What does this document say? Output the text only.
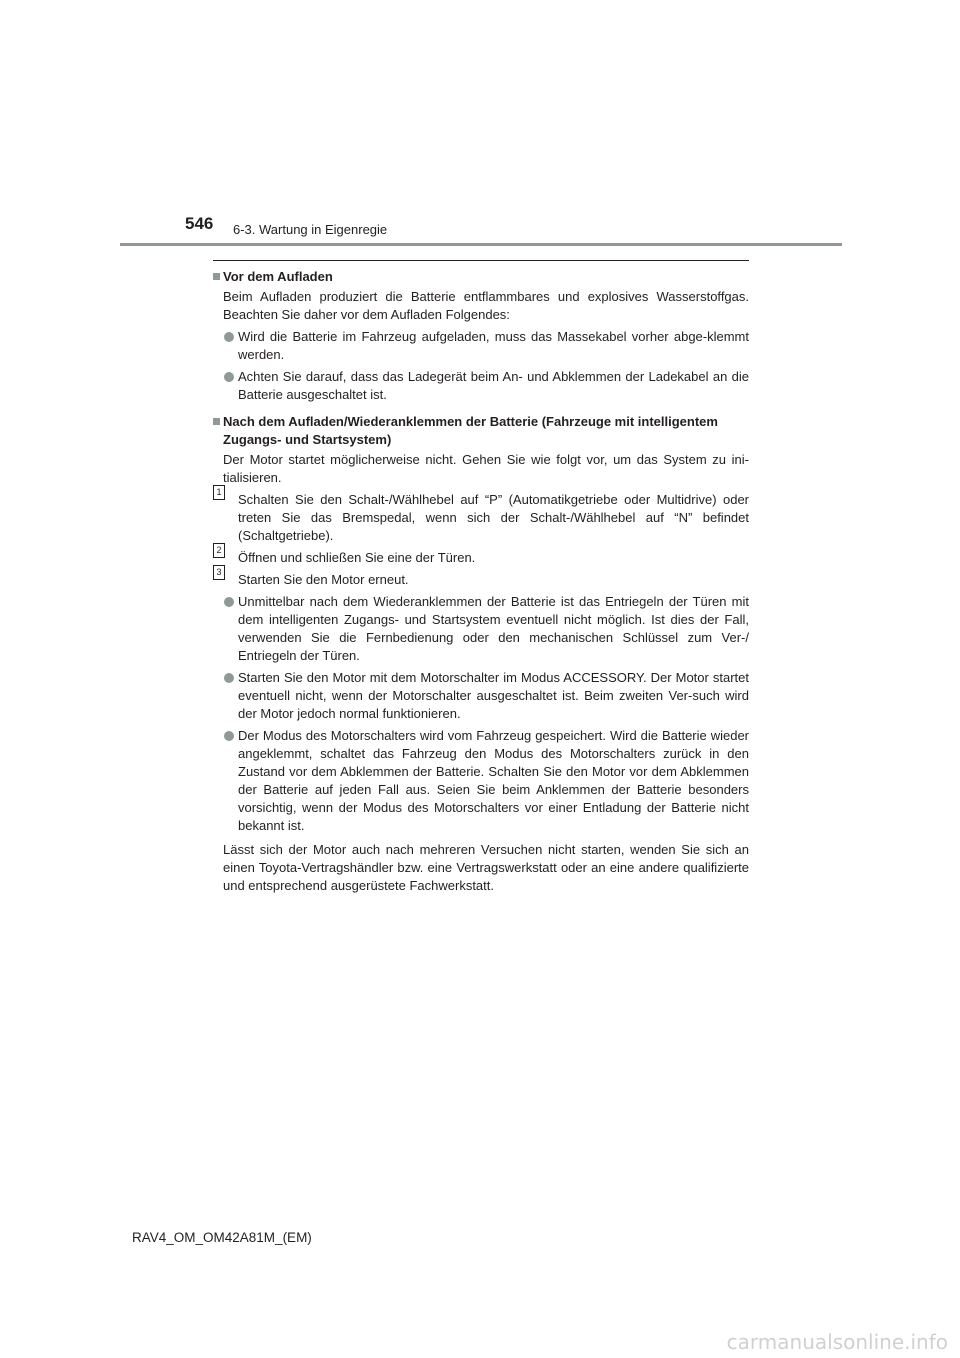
546 6-3. Wartung in Eigenregie
Vor dem Aufladen
Beim Aufladen produziert die Batterie entflammbares und explosives Wasserstoffgas. Beachten Sie daher vor dem Aufladen Folgendes:
Wird die Batterie im Fahrzeug aufgeladen, muss das Massekabel vorher abge-klemmt werden.
Achten Sie darauf, dass das Ladegerät beim An- und Abklemmen der Ladekabel an die Batterie ausgeschaltet ist.
Nach dem Aufladen/Wiederanklemmen der Batterie (Fahrzeuge mit intelligentem Zugangs- und Startsystem)
Der Motor startet möglicherweise nicht. Gehen Sie wie folgt vor, um das System zu ini-tialisieren.
1 Schalten Sie den Schalt-/Wählhebel auf “P” (Automatikgetriebe oder Multidrive) oder treten Sie das Bremspedal, wenn sich der Schalt-/Wählhebel auf “N” befindet (Schaltgetriebe).
2 Öffnen und schließen Sie eine der Türen.
3 Starten Sie den Motor erneut.
Unmittelbar nach dem Wiederanklemmen der Batterie ist das Entriegeln der Türen mit dem intelligenten Zugangs- und Startsystem eventuell nicht möglich. Ist dies der Fall, verwenden Sie die Fernbedienung oder den mechanischen Schlüssel zum Ver-/ Entriegeln der Türen.
Starten Sie den Motor mit dem Motorschalter im Modus ACCESSORY. Der Motor startet eventuell nicht, wenn der Motorschalter ausgeschaltet ist. Beim zweiten Ver-such wird der Motor jedoch normal funktionieren.
Der Modus des Motorschalters wird vom Fahrzeug gespeichert. Wird die Batterie wieder angeklemmt, schaltet das Fahrzeug den Modus des Motorschalters zurück in den Zustand vor dem Abklemmen der Batterie. Schalten Sie den Motor vor dem Abklemmen der Batterie auf jeden Fall aus. Seien Sie beim Anklemmen der Batterie besonders vorsichtig, wenn der Modus des Motorschalters vor einer Entladung der Batterie nicht bekannt ist.
Lässt sich der Motor auch nach mehreren Versuchen nicht starten, wenden Sie sich an einen Toyota-Vertragshändler bzw. eine Vertragswerkstatt oder an eine andere qualifizierte und entsprechend ausgerüstete Fachwerkstatt.
RAV4_OM_OM42A81M_(EM)
carmanualsonline.info
